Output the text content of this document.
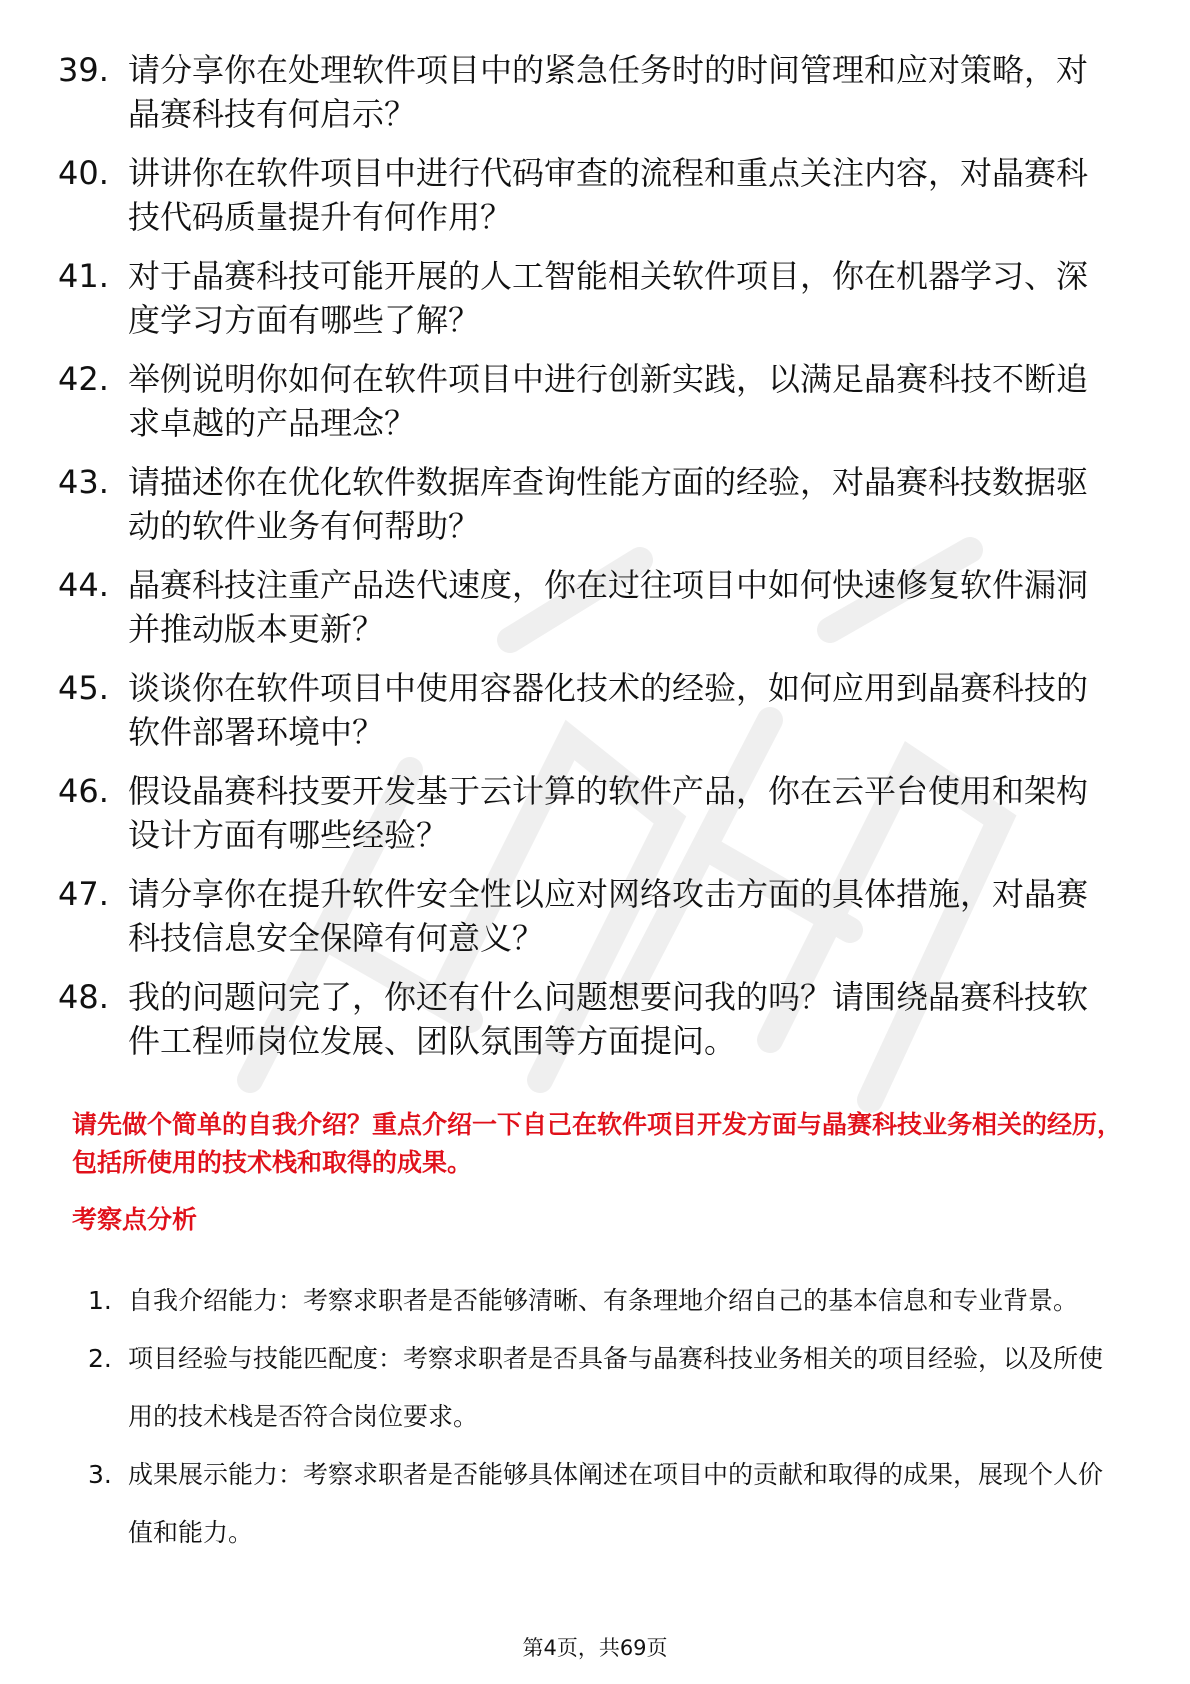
39. 请分享你在处理软件项目中的紧急任务时的时间管理和应对策略，对晶赛科技有何启示？
40. 讲讲你在软件项目中进行代码审查的流程和重点关注内容，对晶赛科技代码质量提升有何作用？
41. 对于晶赛科技可能开展的人工智能相关软件项目，你在机器学习、深度学习方面有哪些了解？
42. 举例说明你如何在软件项目中进行创新实践，以满足晶赛科技不断追求卓越的产品理念？
43. 请描述你在优化软件数据库查询性能方面的经验，对晶赛科技数据驱动的软件业务有何帮助？
44. 晶赛科技注重产品迭代速度，你在过往项目中如何快速修复软件漏洞并推动版本更新？
45. 谈谈你在软件项目中使用容器化技术的经验，如何应用到晶赛科技的软件部署环境中？
46. 假设晶赛科技要开发基于云计算的软件产品，你在云平台使用和架构设计方面有哪些经验？
47. 请分享你在提升软件安全性以应对网络攻击方面的具体措施，对晶赛科技信息安全保障有何意义？
48. 我的问题问完了，你还有什么问题想要问我的吗？请围绕晶赛科技软件工程师岗位发展、团队氛围等方面提问。
请先做个简单的自我介绍？重点介绍一下自己在软件项目开发方面与晶赛科技业务相关的经历，包括所使用的技术栈和取得的成果。
考察点分析
1. 自我介绍能力：考察求职者是否能够清晰、有条理地介绍自己的基本信息和专业背景。
2. 项目经验与技能匹配度：考察求职者是否具备与晶赛科技业务相关的项目经验，以及所使用的技术栈是否符合岗位要求。
3. 成果展示能力：考察求职者是否能够具体阐述在项目中的贡献和取得的成果，展现个人价值和能力。
第4页，共69页
